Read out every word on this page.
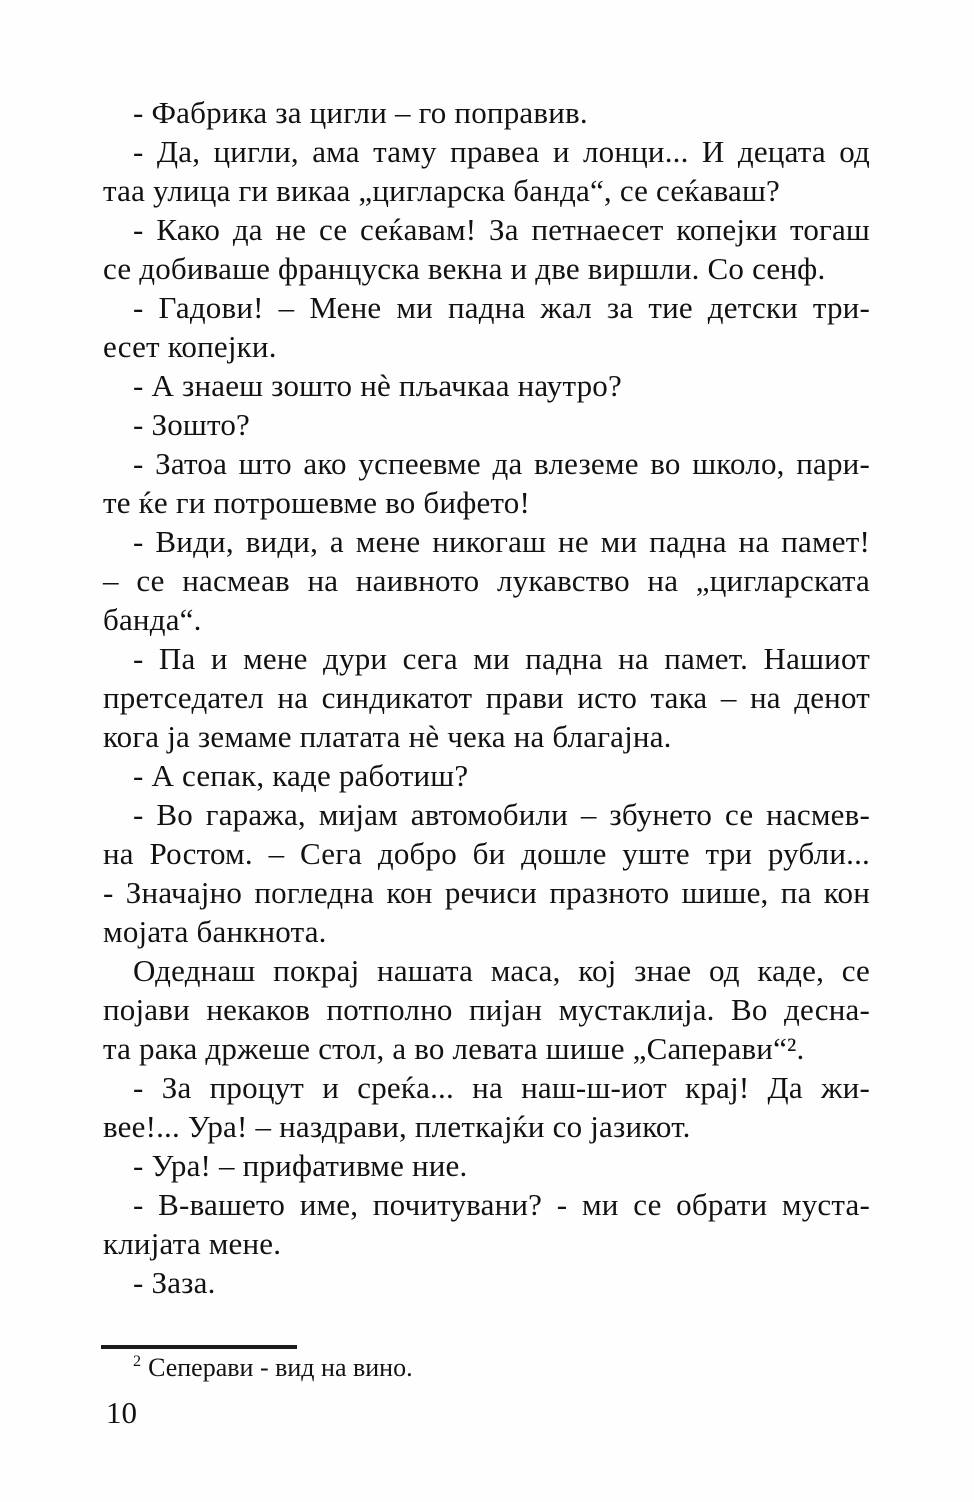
- Фабрика за цигли – го поправив.

- Да, цигли, ама таму правеа и лонци... И децата од
таа улица ги викаа „цигларска банда“, се сеќаваш?

- Како да не се сеќавам! За петнаесет копејки тогаш
се добиваше француска векна и две виршли. Со сенф.

- Гадови! – Мене ми падна жал за тие детски три-
есет копејки.

- А знаеш зошто нѐ пљачкаа наутро?

- Зошто?

- Затоа што ако успеевме да влеземе во школо, пари-
те ќе ги потрошевме во бифето!

- Види, види, а мене никогаш не ми падна на памет!
– се насмеав на наивното лукавство на „цигларската
банда“.

- Па и мене дури сега ми падна на памет. Нашиот
претседател на синдикатот прави исто така – на денот
кога ја земаме платата нѐ чека на благајна.

- А сепак, каде работиш?

- Во гаража, мијам автомобили – збунето се насмев-
на Ростом. – Сега добро би дошле уште три рубли...
- Значајно погледна кон речиси празното шише, па кон
мојата банкнота.

Одеднаш покрај нашата маса, кој знае од каде, се
појави некаков потполно пијан мустаклија. Во десна-
та рака држеше стол, а во левата шише „Саперави“².

- За процут и среќа... на наш-ш-иот крај! Да жи-
вее!... Ура! – наздрави, плеткајќи со јазикот.

- Ура! – прифативме ние.

- В-вашето име, почитувани? - ми се обрати муста-
клијата мене.

- Заза.

$^2$ Сеперави - вид на вино.
10
